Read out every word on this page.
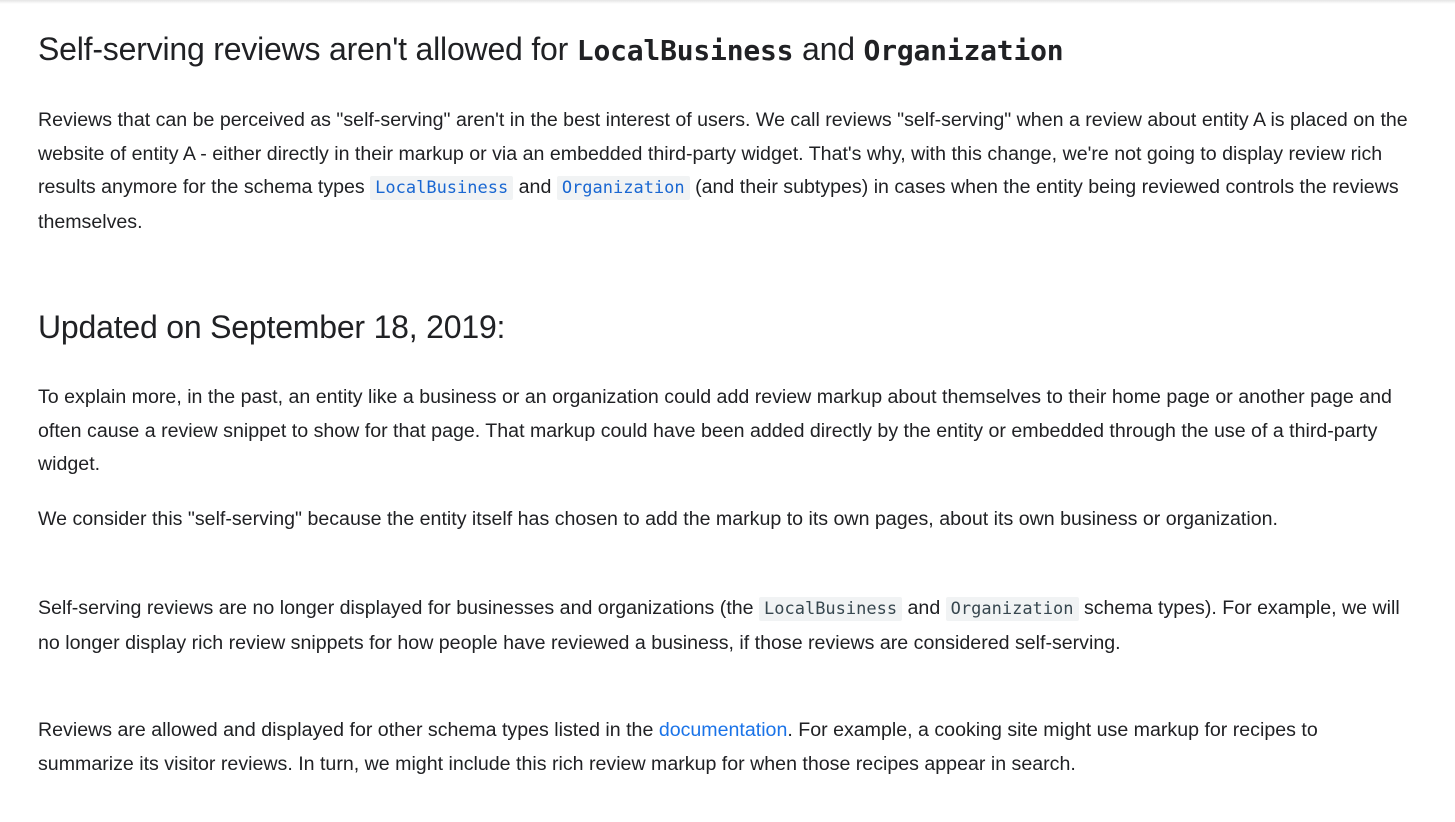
Self-serving reviews aren't allowed for LocalBusiness and Organization

Reviews that can be perceived as "self-serving" aren't in the best interest of users. We call reviews "self-serving" when a review about entity A is placed on the website of entity A - either directly in their markup or via an embedded third-party widget. That's why, with this change, we're not going to display review rich results anymore for the schema types LocalBusiness and Organization (and their subtypes) in cases when the entity being reviewed controls the reviews themselves.

Updated on September 18, 2019:

To explain more, in the past, an entity like a business or an organization could add review markup about themselves to their home page or another page and often cause a review snippet to show for that page. That markup could have been added directly by the entity or embedded through the use of a third-party widget.

We consider this "self-serving" because the entity itself has chosen to add the markup to its own pages, about its own business or organization.

Self-serving reviews are no longer displayed for businesses and organizations (the LocalBusiness and Organization schema types). For example, we will no longer display rich review snippets for how people have reviewed a business, if those reviews are considered self-serving.

Reviews are allowed and displayed for other schema types listed in the documentation. For example, a cooking site might use markup for recipes to summarize its visitor reviews. In turn, we might include this rich review markup for when those recipes appear in search.
